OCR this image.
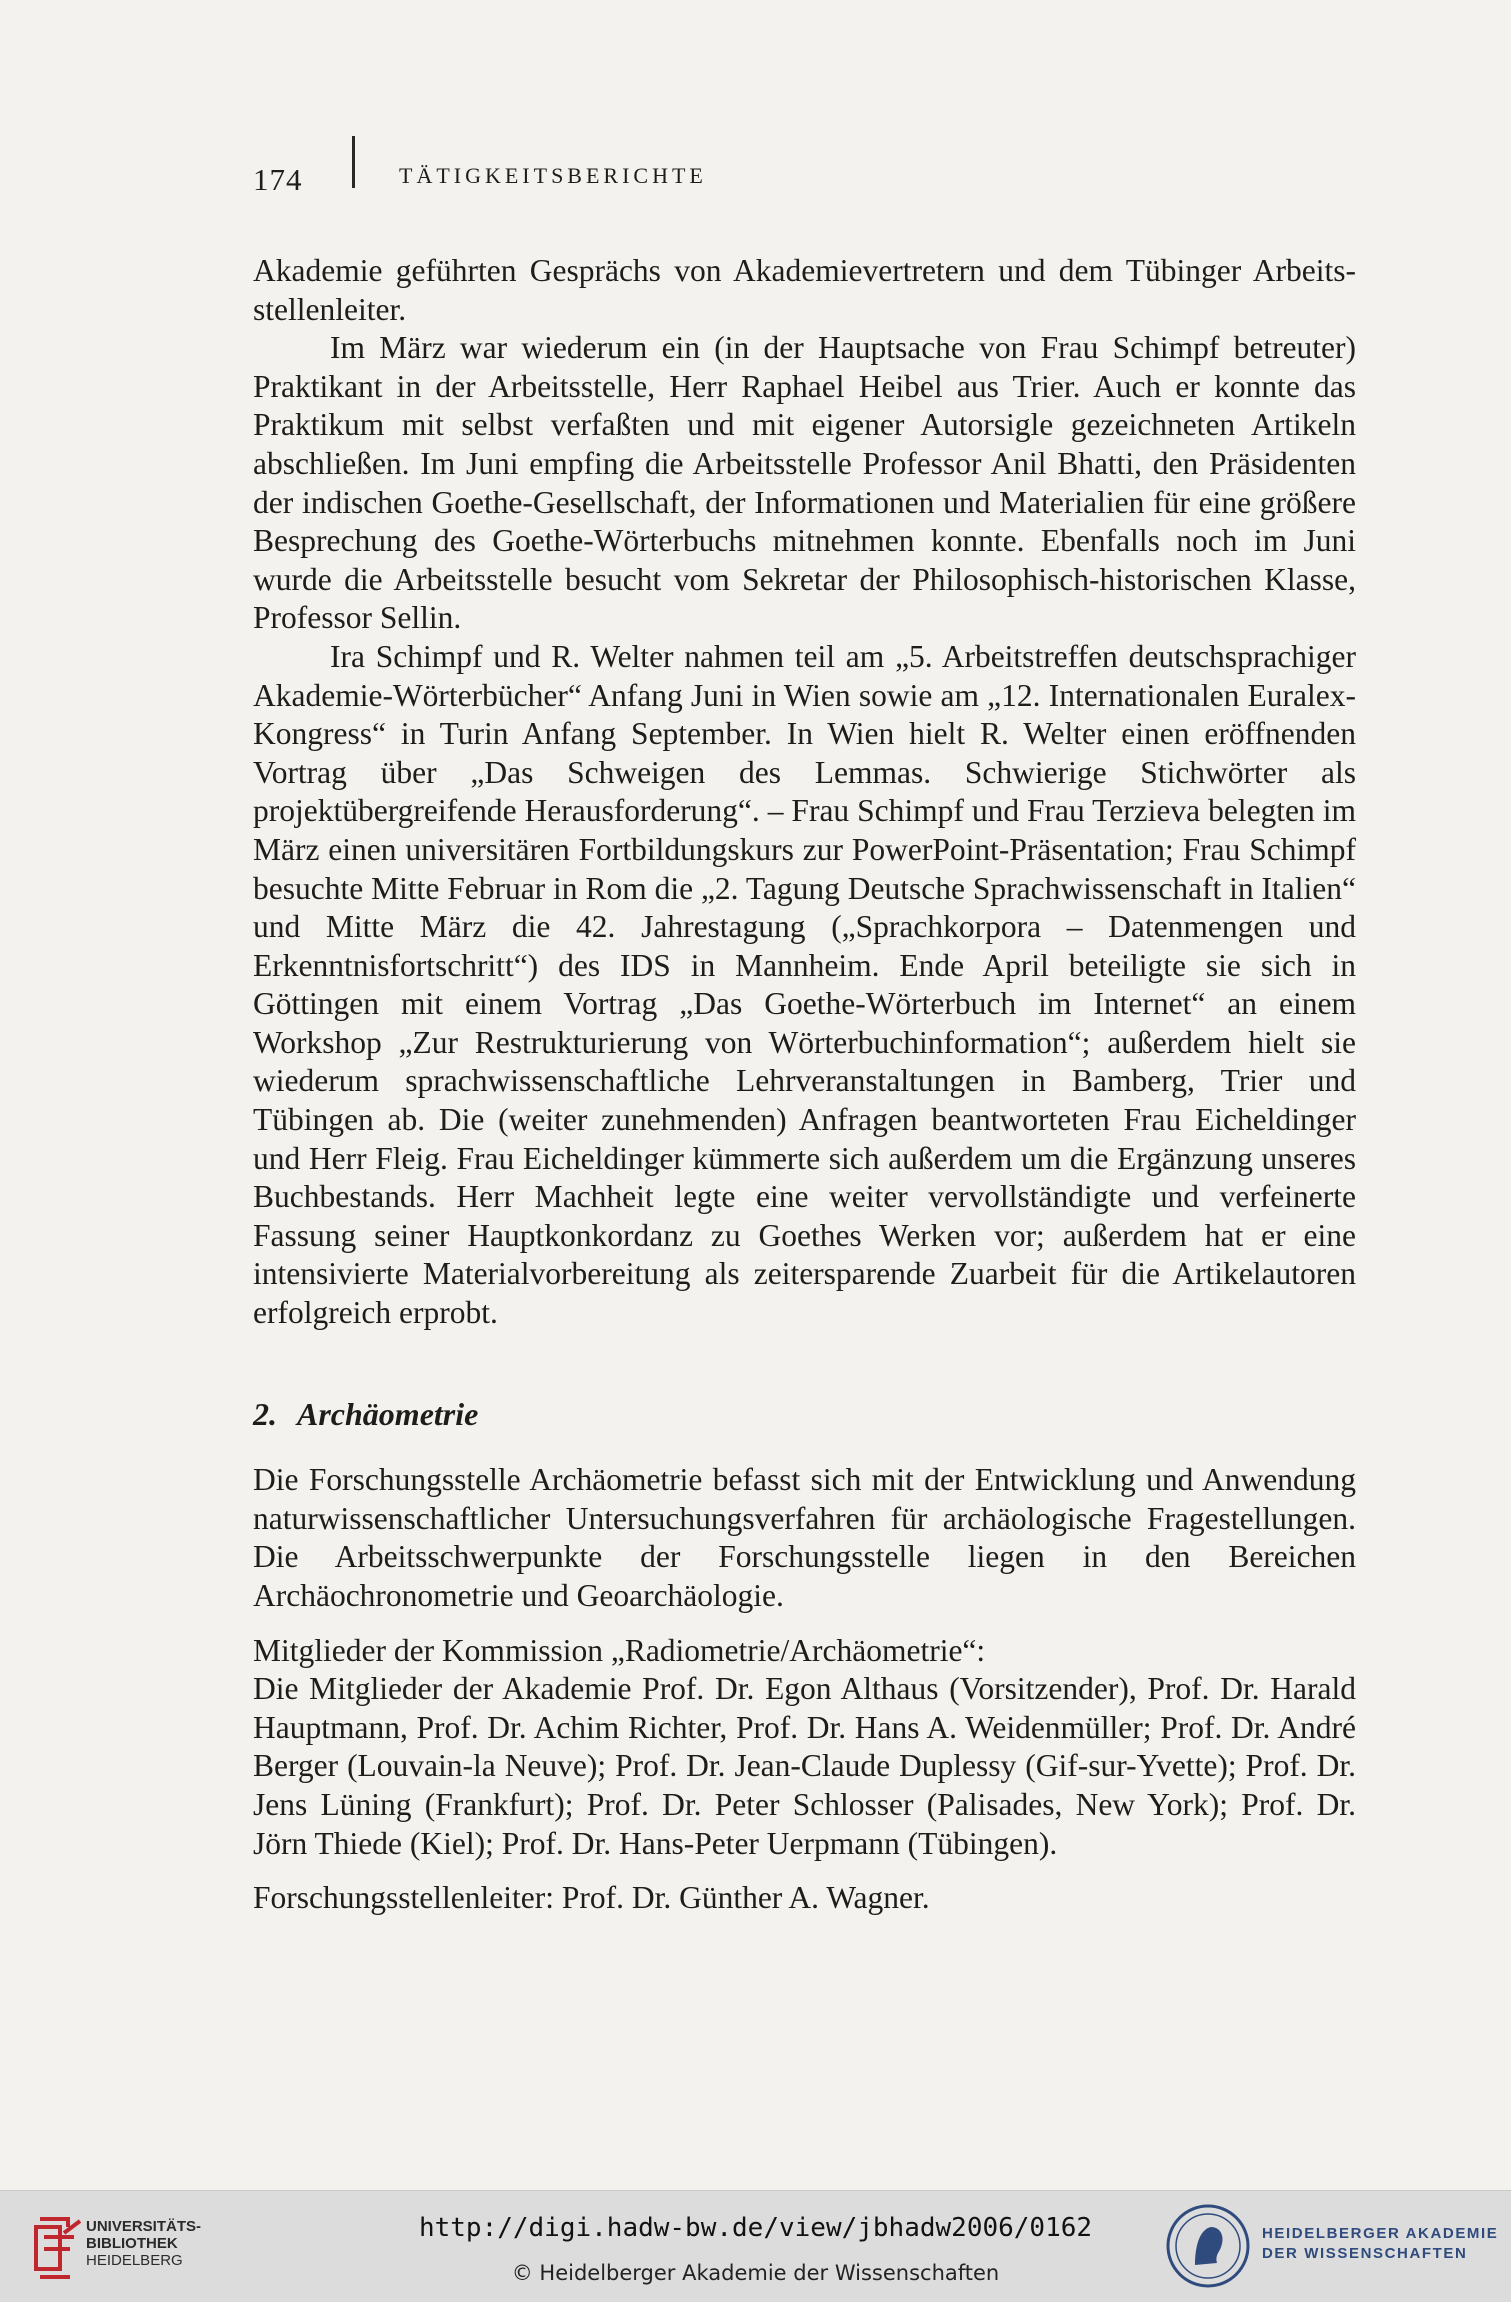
174	TÄTIGKEITSBERICHTE

Akademie geführten Gesprächs von Akademievertretern und dem Tübinger Arbeitsstellenleiter.

Im März war wiederum ein (in der Hauptsache von Frau Schimpf betreuter) Praktikant in der Arbeitsstelle, Herr Raphael Heibel aus Trier. Auch er konnte das Praktikum mit selbst verfaßten und mit eigener Autorsigle gezeichneten Artikeln abschließen. Im Juni empfing die Arbeitsstelle Professor Anil Bhatti, den Präsidenten der indischen Goethe-Gesellschaft, der Informationen und Materialien für eine größere Besprechung des Goethe-Wörterbuchs mitnehmen konnte. Ebenfalls noch im Juni wurde die Arbeitsstelle besucht vom Sekretar der Philosophisch-historischen Klasse, Professor Sellin.

Ira Schimpf und R. Welter nahmen teil am „5. Arbeitstreffen deutschsprachiger Akademie-Wörterbücher“ Anfang Juni in Wien sowie am „12. Internationalen Euralex-Kongress“ in Turin Anfang September. In Wien hielt R. Welter einen eröffnenden Vortrag über „Das Schweigen des Lemmas. Schwierige Stichwörter als projektübergreifende Herausforderung“. – Frau Schimpf und Frau Terzieva belegten im März einen universitären Fortbildungskurs zur PowerPoint-Präsentation; Frau Schimpf besuchte Mitte Februar in Rom die „2. Tagung Deutsche Sprachwissenschaft in Italien“ und Mitte März die 42. Jahrestagung („Sprachkorpora – Datenmengen und Erkenntnisfortschritt“) des IDS in Mannheim. Ende April beteiligte sie sich in Göttingen mit einem Vortrag „Das Goethe-Wörterbuch im Internet“ an einem Workshop „Zur Restrukturierung von Wörterbuchinformation“; außerdem hielt sie wiederum sprachwissenschaftliche Lehrveranstaltungen in Bamberg, Trier und Tübingen ab. Die (weiter zunehmenden) Anfragen beantworteten Frau Eicheldinger und Herr Fleig. Frau Eicheldinger kümmerte sich außerdem um die Ergänzung unseres Buchbestands. Herr Machheit legte eine weiter vervollständigte und verfeinerte Fassung seiner Hauptkonkordanz zu Goethes Werken vor; außerdem hat er eine intensivierte Materialvorbereitung als zeitersparende Zuarbeit für die Artikelautoren erfolgreich erprobt.

2. Archäometrie

Die Forschungsstelle Archäometrie befasst sich mit der Entwicklung und Anwendung naturwissenschaftlicher Untersuchungsverfahren für archäologische Fragestellungen. Die Arbeitsschwerpunkte der Forschungsstelle liegen in den Bereichen Archäochronometrie und Geoarchäologie.

Mitglieder der Kommission „Radiometrie/Archäometrie“:

Die Mitglieder der Akademie Prof. Dr. Egon Althaus (Vorsitzender), Prof. Dr. Harald Hauptmann, Prof. Dr. Achim Richter, Prof. Dr. Hans A. Weidenmüller; Prof. Dr. André Berger (Louvain-la Neuve); Prof. Dr. Jean-Claude Duplessy (Gif-sur-Yvette); Prof. Dr. Jens Lüning (Frankfurt); Prof. Dr. Peter Schlosser (Palisades, New York); Prof. Dr. Jörn Thiede (Kiel); Prof. Dr. Hans-Peter Uerpmann (Tübingen).

Forschungsstellenleiter: Prof. Dr. Günther A. Wagner.

UNIVERSITÄTS-
BIBLIOTHEK
HEIDELBERG
http://digi.hadw-bw.de/view/jbhadw2006/0162
© Heidelberger Akademie der Wissenschaften
HEIDELBERGER AKADEMIE
DER WISSENSCHAFTEN
